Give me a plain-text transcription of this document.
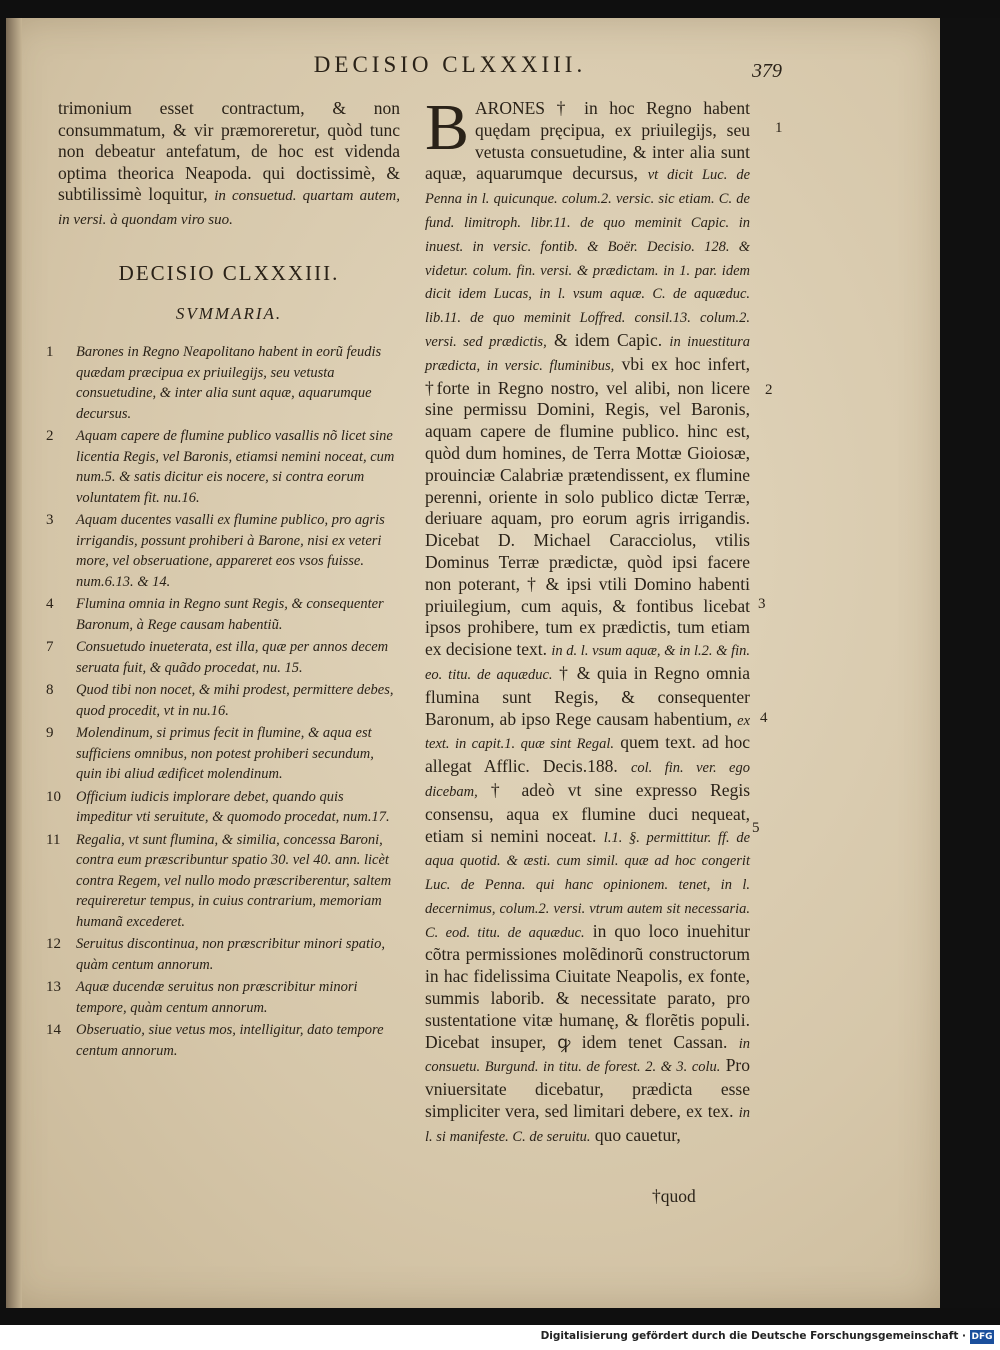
DECISIO CLXXXIII.	379
trimonium esset contractum, & non consummatum, & vir præmoreretur, quòd tunc non debeatur antefatum, de hoc est videnda optima theorica Neapoda. qui doctissimè, & subtilissimè loquitur, in consuetud. quartam autem, in versi. à quondam viro suo.
DECISIO CLXXXIII.
SVMMARIA.
1	Barones in Regno Neapolitano habent in eorũ feudis quædam præcipua ex priuilegijs, seu vetusta consuetudine, & inter alia sunt aquæ, aquarumque decursus.
2	Aquam capere de flumine publico vasallis nõ licet sine licentia Regis, vel Baronis, etiamsi nemini noceat, cum num.5. & satis dicitur eis nocere, si contra eorum voluntatem fit. nu.16.
3	Aquam ducentes vasalli ex flumine publico, pro agris irrigandis, possunt prohiberi à Barone, nisi ex veteri more, vel obseruatione, appareret eos vsos fuisse. num.6.13. & 14.
4	Flumina omnia in Regno sunt Regis, & consequenter Baronum, à Rege causam habentiũ.
7	Consuetudo inueterata, est illa, quæ per annos decem seruata fuit, & quãdo procedat, nu. 15.
8	Quod tibi non nocet, & mihi prodest, permittere debes, quod procedit, vt in nu.16.
9	Molendinum, si primus fecit in flumine, & aqua est sufficiens omnibus, non potest prohiberi secundum, quin ibi aliud ædificet molendinum.
10	Officium iudicis implorare debet, quando quis impeditur vti seruitute, & quomodo procedat, num.17.
11	Regalia, vt sunt flumina, & similia, concessa Baroni, contra eum præscribuntur spatio 30. vel 40. ann. licèt contra Regem, vel nullo modo præscriberentur, saltem requireretur tempus, in cuius contrarium, memoriam humanã excederet.
12	Seruitus discontinua, non præscribitur minori spatio, quàm centum annorum.
13	Aquæ ducendæ seruitus non præscribitur minori tempore, quàm centum annorum.
14	Obseruatio, siue vetus mos, intelligitur, dato tempore centum annorum.
B ARONES † in hoc Regno habent quędam pręcipua, ex priuilegijs, seu vetusta consuetudine, & inter alia sunt aquæ, aquarumque decursus, vt dicit Luc. de Penna in l. quicunque. colum.2. versic. sic etiam. C. de fund. limitroph. libr.11. de quo meminit Capic. in inuest. in versic. fontib. & Boër. Decisio. 128. & videtur. colum. fin. versi. & prædictam. in 1. par. idem dicit idem Lucas, in l. vsum aquæ. C. de aquæduc. lib.11. de quo meminit Loffred. consil.13. colum.2. versi. sed prædictis, & idem Capic. in inuestitura prædicta, in versic. fluminibus, vbi ex hoc infert, †forte in Regno nostro, vel alibi, non licere sine permissu Domini, Regis, vel Baronis, aquam capere de flumine publico. hinc est, quòd dum homines, de Terra Mottæ Gioiosæ, prouinciæ Calabriæ prætendissent, ex flumine perenni, oriente in solo publico dictæ Terræ, deriuare aquam, pro eorum agris irrigandis. Dicebat D. Michael Caracciolus, vtilis Dominus Terræ prædictæ, quòd ipsi facere non poterant, † & ipsi vtili Domino habenti priuilegium, cum aquis, & fontibus licebat ipsos prohibere, tum ex prædictis, tum etiam ex decisione text. in d. l. vsum aquæ, & in l.2. & fin. eo. titu. de aquæduc. † & quia in Regno omnia flumina sunt Regis, & consequenter Baronum, ab ipso Rege causam habentium, ex text. in capit.1. quæ sint Regal. quem text. ad hoc allegat Afflic. Decis.188. col. fin. ver. ego dicebam, † adeò vt sine expresso Regis consensu, aqua ex flumine duci nequeat, etiam si nemini noceat. l.1. §. permittitur. ff. de aqua quotid. & æsti. cum simil. quæ ad hoc congerit Luc. de Penna. qui hanc opinionem. tenet, in l. decernimus, colum.2. versi. vtrum autem sit necessaria. C. eod. titu. de aquæduc. in quo loco inuehitur cõtra permissiones molẽdinorũ constructorum in hac fidelissima Ciuitate Neapolis, ex fonte, summis laborib. & necessitate parato, pro sustentatione vitæ humanę, & florẽtis populi. Dicebat insuper, ꝙ idem tenet Cassan. in consuetu. Burgund. in titu. de forest. 2. & 3. colu. Pro vniuersitate dicebatur, prædicta esse simpliciter vera, sed limitari debere, ex tex. in l. si manifeste. C. de seruitu. quo cauetur,
†quod
1
2
3
4
5
Digitalisierung gefördert durch die Deutsche Forschungsgemeinschaft · DFG
